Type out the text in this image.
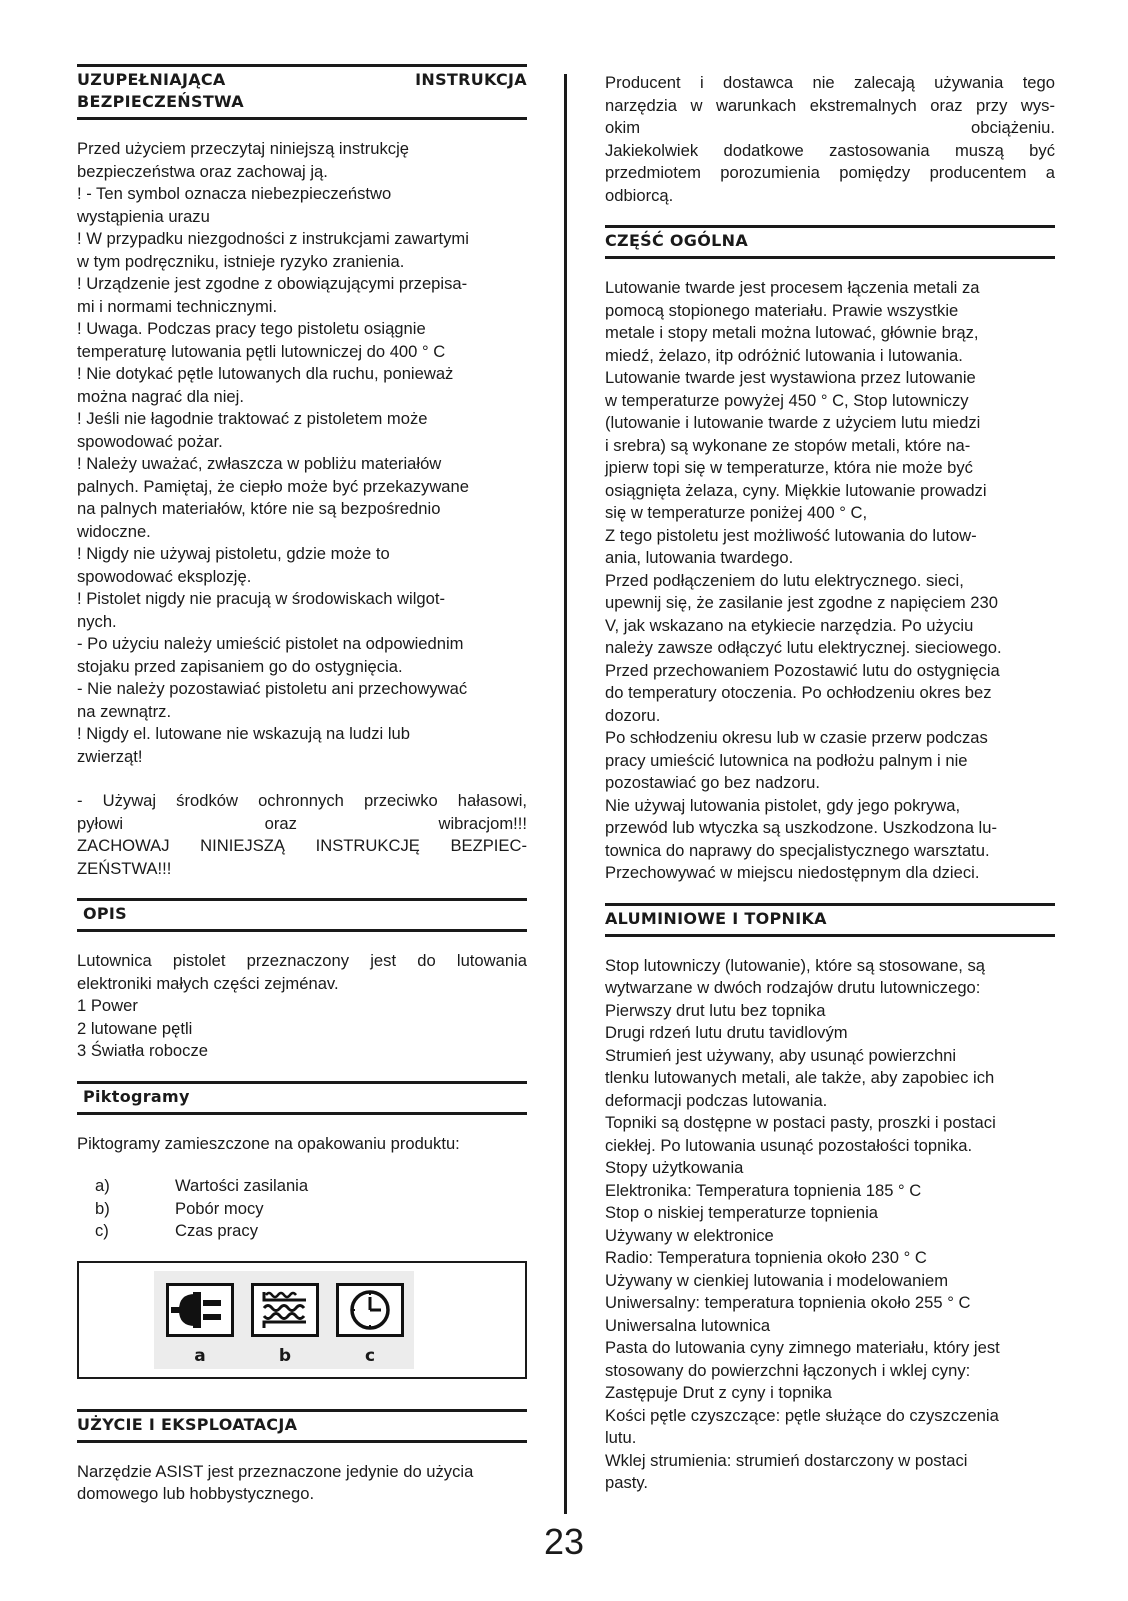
UZUPEŁNIAJĄCA	INSTRUKCJA
BEZPIECZEŃSTWA

Przed użyciem przeczytaj niniejszą instrukcję

bezpieczeństwa oraz zachowaj ją.

! - Ten symbol oznacza niebezpieczeństwo

wystąpienia urazu

! W przypadku niezgodności z instrukcjami zawartymi

w tym podręczniku, istnieje ryzyko zranienia.

! Urządzenie jest zgodne z obowiązującymi przepisa-

mi i normami technicznymi.

! Uwaga. Podczas pracy tego pistoletu osiągnie

temperaturę lutowania pętli lutowniczej do 400 ° C

! Nie dotykać pętle lutowanych dla ruchu, ponieważ

można nagrać dla niej.

! Jeśli nie łagodnie traktować z pistoletem może

spowodować pożar.

! Należy uważać, zwłaszcza w pobliżu materiałów

palnych. Pamiętaj, że ciepło może być przekazywane

na palnych materiałów, które nie są bezpośrednio

widoczne.

! Nigdy nie używaj pistoletu, gdzie może to

spowodować eksplozję.

! Pistolet nigdy nie pracują w środowiskach wilgot-

nych.

- Po użyciu należy umieścić pistolet na odpowiednim

stojaku przed zapisaniem go do ostygnięcia.

- Nie należy pozostawiać pistoletu ani przechowywać

na zewnątrz.

! Nigdy el. lutowane nie wskazują na ludzi lub

zwierząt!

- Używaj środków ochronnych przeciwko hałasowi,

pyłowi oraz wibracjom!!!

ZACHOWAJ NINIEJSZĄ INSTRUKCJĘ BEZPIEC-

ZEŃSTWA!!!

OPIS

Lutownica pistolet przeznaczony jest do lutowania

elektroniki małych części zejménav.

1 Power

2 lutowane pętli

3 Światła robocze

Piktogramy

Piktogramy zamieszczone na opakowaniu produktu:

a)	Wartości zasilania
b)	Pobór mocy
c)	Czas pracy
a	b	c
UŻYCIE I EKSPLOATACJA

Narzędzie ASIST jest przeznaczone jedynie do użycia

domowego lub hobbystycznego.

Producent i dostawca nie zalecają używania tego

narzędzia w warunkach ekstremalnych oraz przy wys-

okim obciążeniu.

Jakiekolwiek dodatkowe zastosowania muszą być

przedmiotem porozumienia pomiędzy producentem a

odbiorcą.

CZĘŚĆ OGÓLNA

Lutowanie twarde jest procesem łączenia metali za

pomocą stopionego materiału. Prawie wszystkie

metale i stopy metali można lutować, głównie brąz,

miedź, żelazo, itp odróżnić lutowania i lutowania.

Lutowanie twarde jest wystawiona przez lutowanie

w temperaturze powyżej 450 ° C, Stop lutowniczy

(lutowanie i lutowanie twarde z użyciem lutu miedzi

i srebra) są wykonane ze stopów metali, które na-

jpierw topi się w temperaturze, która nie może być

osiągnięta żelaza, cyny. Miękkie lutowanie prowadzi

się w temperaturze poniżej 400 ° C,

Z tego pistoletu jest możliwość lutowania do lutow-

ania, lutowania twardego.

Przed podłączeniem do lutu elektrycznego. sieci,

upewnij się, że zasilanie jest zgodne z napięciem 230

V, jak wskazano na etykiecie narzędzia. Po użyciu

należy zawsze odłączyć lutu elektrycznej. sieciowego.

Przed przechowaniem Pozostawić lutu do ostygnięcia

do temperatury otoczenia. Po ochłodzeniu okres bez

dozoru.

Po schłodzeniu okresu lub w czasie przerw podczas

pracy umieścić lutownica na podłożu palnym i nie

pozostawiać go bez nadzoru.

Nie używaj lutowania pistolet, gdy jego pokrywa,

przewód lub wtyczka są uszkodzone. Uszkodzona lu-

townica do naprawy do specjalistycznego warsztatu.

Przechowywać w miejscu niedostępnym dla dzieci.

ALUMINIOWE I TOPNIKA

Stop lutowniczy (lutowanie), które są stosowane, są

wytwarzane w dwóch rodzajów drutu lutowniczego:

Pierwszy drut lutu bez topnika

Drugi rdzeń lutu drutu tavidlovým

Strumień jest używany, aby usunąć powierzchni

tlenku lutowanych metali, ale także, aby zapobiec ich

deformacji podczas lutowania.

Topniki są dostępne w postaci pasty, proszki i postaci

ciekłej. Po lutowania usunąć pozostałości topnika.

Stopy użytkowania

Elektronika: Temperatura topnienia 185 ° C

Stop o niskiej temperaturze topnienia

Używany w elektronice

Radio: Temperatura topnienia około 230 ° C

Używany w cienkiej lutowania i modelowaniem

Uniwersalny: temperatura topnienia około 255 ° C

Uniwersalna lutownica

Pasta do lutowania cyny zimnego materiału, który jest

stosowany do powierzchni łączonych i wklej cyny:

Zastępuje Drut z cyny i topnika

Kości pętle czyszczące: pętle służące do czyszczenia

lutu.

Wklej strumienia: strumień dostarczony w postaci

pasty.

23
